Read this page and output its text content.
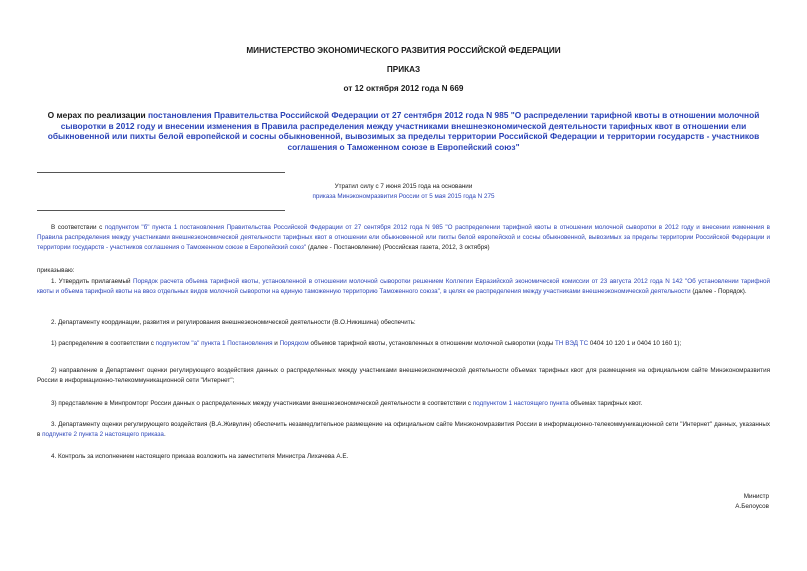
МИНИСТЕРСТВО ЭКОНОМИЧЕСКОГО РАЗВИТИЯ РОССИЙСКОЙ ФЕДЕРАЦИИ
ПРИКАЗ
от 12 октября 2012 года N 669
О мерах по реализации постановления Правительства Российской Федерации от 27 сентября 2012 года N 985 "О распределении тарифной квоты в отношении молочной сыворотки в 2012 году и внесении изменения в Правила распределения между участниками внешнеэкономической деятельности тарифных квот в отношении ели обыкновенной или пихты белой европейской и сосны обыкновенной, вывозимых за пределы территории Российской Федерации и территории государств - участников соглашения о Таможенном союзе в Европейский союз"
Утратил силу с 7 июня 2015 года на основании
приказа Минэкономразвития России от 5 мая 2015 года N 275
В соответствии с подпунктом "б" пункта 1 постановления Правительства Российской Федерации от 27 сентября 2012 года N 985 "О распределении тарифной квоты в отношении молочной сыворотки в 2012 году и внесении изменения в Правила распределения между участниками внешнеэкономической деятельности тарифных квот в отношении ели обыкновенной или пихты белой европейской и сосны обыкновенной, вывозимых за пределы территории Российской Федерации и территории государств - участников соглашения о Таможенном союзе в Европейский союз" (далее - Постановление) (Российская газета, 2012, 3 октября)
приказываю:
1. Утвердить прилагаемый Порядок расчета объема тарифной квоты, установленной в отношении молочной сыворотки решением Коллегии Евразийской экономической комиссии от 23 августа 2012 года N 142 "Об установлении тарифной квоты и объема тарифной квоты на ввоз отдельных видов молочной сыворотки на единую таможенную территорию Таможенного союза", в целях ее распределения между участниками внешнеэкономической деятельности (далее - Порядок).
2. Департаменту координации, развития и регулирования внешнеэкономической деятельности (В.О.Никишина) обеспечить:
1) распределение в соответствии с подпунктом "а" пункта 1 Постановления и Порядком объемов тарифной квоты, установленных в отношении молочной сыворотки (коды ТН ВЭД ТС 0404 10 120 1 и 0404 10 160 1);
2) направление в Департамент оценки регулирующего воздействия данных о распределенных между участниками внешнеэкономической деятельности объемах тарифных квот для размещения на официальном сайте Минэкономразвития России в информационно-телекоммуникационной сети "Интернет";
3) представление в Минпромторг России данных о распределенных между участниками внешнеэкономической деятельности в соответствии с подпунктом 1 настоящего пункта объемах тарифных квот.
3. Департаменту оценки регулирующего воздействия (В.А.Живулин) обеспечить незамедлительное размещение на официальном сайте Минэкономразвития России в информационно-телекоммуникационной сети "Интернет" данных, указанных в подпункте 2 пункта 2 настоящего приказа.
4. Контроль за исполнением настоящего приказа возложить на заместителя Министра Лихачева А.Е.
Министр
А.Белоусов
